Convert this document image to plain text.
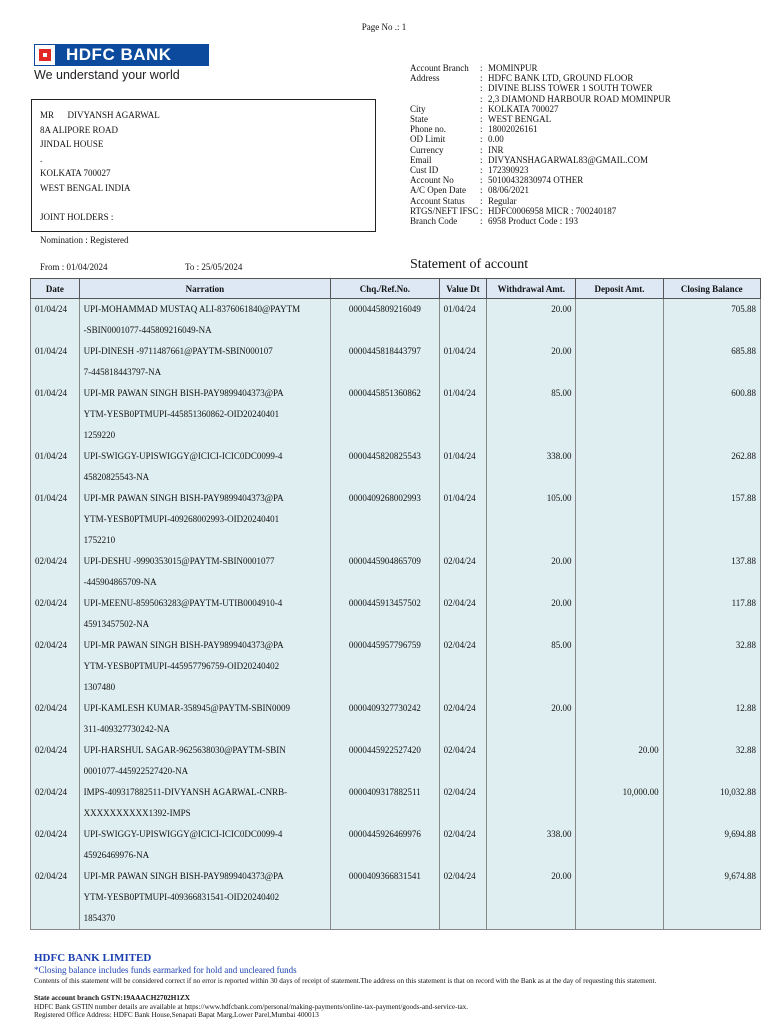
Page No .: 1
HDFC BANK
We understand your world
MR      DIVYANSH AGARWAL
8A ALIPORE ROAD
JINDAL HOUSE
.
KOLKATA 700027
WEST BENGAL INDIA

JOINT HOLDERS :
Nomination : Registered
Account Branch	: MOMINPUR
Address	: HDFC BANK LTD, GROUND FLOOR
: DIVINE BLISS TOWER 1 SOUTH TOWER
: 2,3 DIAMOND HARBOUR ROAD MOMINPUR
City	: KOLKATA 700027
State	: WEST BENGAL
Phone no.	: 18002026161
OD Limit	: 0.00
Currency	: INR
Email	: DIVYANSHAGARWAL83@GMAIL.COM
Cust ID	: 172390923
Account No	: 50100432830974 OTHER
A/C Open Date	: 08/06/2021
Account Status	: Regular
RTGS/NEFT IFSC : HDFC0006958 MICR : 700240187
Branch Code	: 6958 Product Code : 193
From : 01/04/2024	To : 25/05/2024	Statement of account
Date	Narration	Chq./Ref.No.	Value Dt	Withdrawal Amt.	Deposit Amt.	Closing Balance

01/04/24	UPI-MOHAMMAD MUSTAQ ALI-8376061840@PAYTM
-SBIN0001077-445809216049-NA	0000445809216049	01/04/24	20.00		705.88

01/04/24	UPI-DINESH -9711487661@PAYTM-SBIN000107
7-445818443797-NA	0000445818443797	01/04/24	20.00		685.88

01/04/24	UPI-MR PAWAN SINGH BISH-PAY9899404373@PA
YTM-YESB0PTMUPI-445851360862-OID20240401
1259220	0000445851360862	01/04/24	85.00		600.88

01/04/24	UPI-SWIGGY-UPISWIGGY@ICICI-ICIC0DC0099-4
45820825543-NA	0000445820825543	01/04/24	338.00		262.88

01/04/24	UPI-MR PAWAN SINGH BISH-PAY9899404373@PA
YTM-YESB0PTMUPI-409268002993-OID20240401
1752210	0000409268002993	01/04/24	105.00		157.88

02/04/24	UPI-DESHU -9990353015@PAYTM-SBIN0001077
-445904865709-NA	0000445904865709	02/04/24	20.00		137.88

02/04/24	UPI-MEENU-8595063283@PAYTM-UTIB0004910-4
45913457502-NA	0000445913457502	02/04/24	20.00		117.88

02/04/24	UPI-MR PAWAN SINGH BISH-PAY9899404373@PA
YTM-YESB0PTMUPI-445957796759-OID20240402
1307480	0000445957796759	02/04/24	85.00		32.88

02/04/24	UPI-KAMLESH KUMAR-358945@PAYTM-SBIN0009
311-409327730242-NA	0000409327730242	02/04/24	20.00		12.88

02/04/24	UPI-HARSHUL SAGAR-9625638030@PAYTM-SBIN
0001077-445922527420-NA	0000445922527420	02/04/24		20.00	32.88

02/04/24	IMPS-409317882511-DIVYANSH AGARWAL-CNRB-
XXXXXXXXXX1392-IMPS	0000409317882511	02/04/24		10,000.00	10,032.88

02/04/24	UPI-SWIGGY-UPISWIGGY@ICICI-ICIC0DC0099-4
45926469976-NA	0000445926469976	02/04/24	338.00		9,694.88

02/04/24	UPI-MR PAWAN SINGH BISH-PAY9899404373@PA
YTM-YESB0PTMUPI-409366831541-OID20240402
1854370	0000409366831541	02/04/24	20.00		9,674.88
HDFC BANK LIMITED
*Closing balance includes funds earmarked for hold and uncleared funds
Contents of this statement will be considered correct if no error is reported within 30 days of receipt of statement.The address on this statement is that on record with the Bank as at the day of requesting this statement.
State account branch GSTN:19AAACH2702H1ZX
HDFC Bank GSTIN number details are available at https://www.hdfcbank.com/personal/making-payments/online-tax-payment/goods-and-service-tax.
Registered Office Address: HDFC Bank House,Senapati Bapat Marg,Lower Parel,Mumbai 400013
